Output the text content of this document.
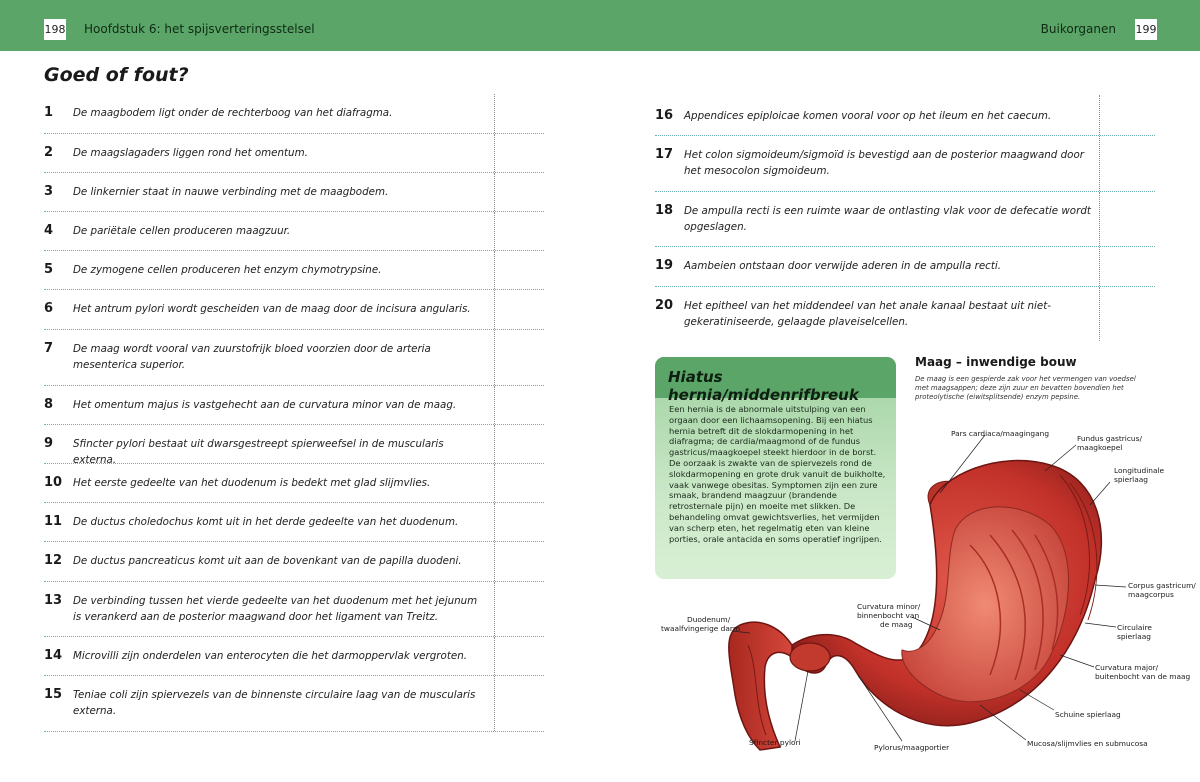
198 Hoofdstuk 6: het spijsverteringsstelsel	Buikorganen 199
Goed of fout?
1 De maagbodem ligt onder de rechterboog van het diafragma.
2 De maagslagaders liggen rond het omentum.
3 De linkernier staat in nauwe verbinding met de maagbodem.
4 De pariëtale cellen produceren maagzuur.
5 De zymogene cellen produceren het enzym chymotrypsine.
6 Het antrum pylori wordt gescheiden van de maag door de incisura angularis.
7 De maag wordt vooral van zuurstofrijk bloed voorzien door de arteria mesenterica superior.
8 Het omentum majus is vastgehecht aan de curvatura minor van de maag.
9 Sfincter pylori bestaat uit dwarsgestreept spierweefsel in de muscularis externa.
10 Het eerste gedeelte van het duodenum is bedekt met glad slijmvlies.
11 De ductus choledochus komt uit in het derde gedeelte van het duodenum.
12 De ductus pancreaticus komt uit aan de bovenkant van de papilla duodeni.
13 De verbinding tussen het vierde gedeelte van het duodenum met het jejunum is verankerd aan de posterior maagwand door het ligament van Treitz.
14 Microvilli zijn onderdelen van enterocyten die het darmoppervlak vergroten.
15 Teniae coli zijn spiervezels van de binnenste circulaire laag van de muscularis externa.
16 Appendices epiploicae komen vooral voor op het ileum en het caecum.
17 Het colon sigmoideum/sigmoïd is bevestigd aan de posterior maagwand door het mesocolon sigmoideum.
18 De ampulla recti is een ruimte waar de ontlasting vlak voor de defecatie wordt opgeslagen.
19 Aambeien ontstaan door verwijde aderen in de ampulla recti.
20 Het epitheel van het middendeel van het anale kanaal bestaat uit niet-gekeratiniseerde, gelaagde plaveiselcellen.
Hiatus hernia/middenrifbreuk
Een hernia is de abnormale uitstulping van een orgaan door een lichaamsopening. Bij een hiatus hernia betreft dit de slokdarmopening in het diafragma; de cardia/maagmond of de fundus gastricus/maagkoepel steekt hierdoor in de borst. De oorzaak is zwakte van de spiervezels rond de slokdarmopening en grote druk vanuit de buikholte, vaak vanwege obesitas. Symptomen zijn een zure smaak, brandend maagzuur (brandende retrosternale pijn) en moeite met slikken. De behandeling omvat gewichtsverlies, het vermijden van scherp eten, het regelmatig eten van kleine porties, orale antacida en soms operatief ingrijpen.
Maag – inwendige bouw
De maag is een gespierde zak voor het vermengen van voedsel met maagsappen; deze zijn zuur en bevatten bovendien het proteolytische (eiwitsplitsende) enzym pepsine.
Pars cardiaca/maagingang
Fundus gastricus/
maagkoepel
Longitudinale
spierlaag
Corpus gastricum/
maagcorpus
Circulaire
spierlaag
Curvatura major/
buitenbocht van de maag
Schuine spierlaag
Mucosa/slijmvlies en submucosa
Pylorus/maagportier
Sfincter pylori
Duodenum/
twaalfvingerige darm
Curvatura minor/
binnenbocht van
de maag
